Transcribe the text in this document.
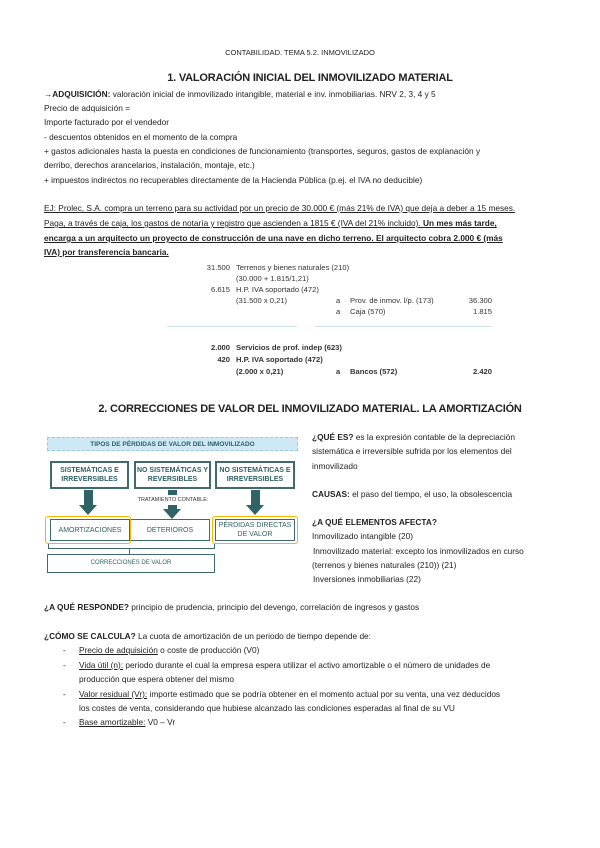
CONTABILIDAD. TEMA 5.2. INMOVILIZADO
1. VALORACIÓN INICIAL DEL INMOVILIZADO MATERIAL
→ADQUISICIÓN: valoración inicial de inmovilizado intangible, material e inv. inmobiliarias. NRV 2, 3, 4 y 5
Precio de adquisición =
Importe facturado por el vendedor
- descuentos obtenidos en el momento de la compra
+ gastos adicionales hasta la puesta en condiciones de funcionamiento (transportes, seguros, gastos de explanación y
derribo, derechos arancelarios, instalación, montaje, etc.)
+ impuestos indirectos no recuperables directamente de la Hacienda Pública (p.ej. el IVA no deducible)
EJ: Prolec, S.A. compra un terreno para su actividad por un precio de 30.000 € (más 21% de IVA) que deja a deber a 15 meses.
Paga, a través de caja, los gastos de notaría y registro que ascienden a 1815 € (IVA del 21% incluido). Un mes más tarde,
encarga a un arquitecto un proyecto de construcción de una nave en dicho terreno. El arquitecto cobra 2.000 € (más
IVA) por transferencia bancaria.
31.500 Terrenos y bienes naturales (210)
(30.000 + 1.815/1,21)
6.615 H.P. IVA soportado (472)
(31.500 x 0,21)	a Prov. de inmov. l/p. (173)	36.300
a Caja (570)	1.815
2.000 Servicios de prof. indep (623)
420 H.P. IVA soportado (472)
(2.000 x 0,21)	a Bancos (572)	2.420
2. CORRECCIONES DE VALOR DEL INMOVILIZADO MATERIAL. LA AMORTIZACIÓN
TIPOS DE PÉRDIDAS DE VALOR DEL INMOVILIZADO
SISTEMÁTICAS E IRREVERSIBLES
NO SISTEMÁTICAS Y REVERSIBLES
NO SISTEMÁTICAS E IRREVERSIBLES
TRATAMIENTO CONTABLE:
AMORTIZACIONES	DETERIOROS
PÉRDIDAS DIRECTAS DE VALOR
CORRECCIONES DE VALOR
¿QUÉ ES? es la expresión contable de la depreciación
sistemática e irreversible sufrida por los elementos del
inmovilizado
CAUSAS: el paso del tiempo, el uso, la obsolescencia
¿A QUÉ ELEMENTOS AFECTA?
Inmovilizado intangible (20)
Inmovilizado material: excepto los inmovilizados en curso
(terrenos y bienes naturales (210)) (21)
Inversiones inmobiliarias (22)
¿A QUÉ RESPONDE? principio de prudencia, principio del devengo, correlación de ingresos y gastos
¿CÓMO SE CALCULA? La cuota de amortización de un periodo de tiempo depende de:
- Precio de adquisición o coste de producción (V0)
- Vida útil (n): periodo durante el cual la empresa espera utilizar el activo amortizable o el número de unidades de
producción que espera obtener del mismo
- Valor residual (Vr): importe estimado que se podría obtener en el momento actual por su venta, una vez deducidos
los costes de venta, considerando que hubiese alcanzado las condiciones esperadas al final de su VU
- Base amortizable: V0 – Vr
